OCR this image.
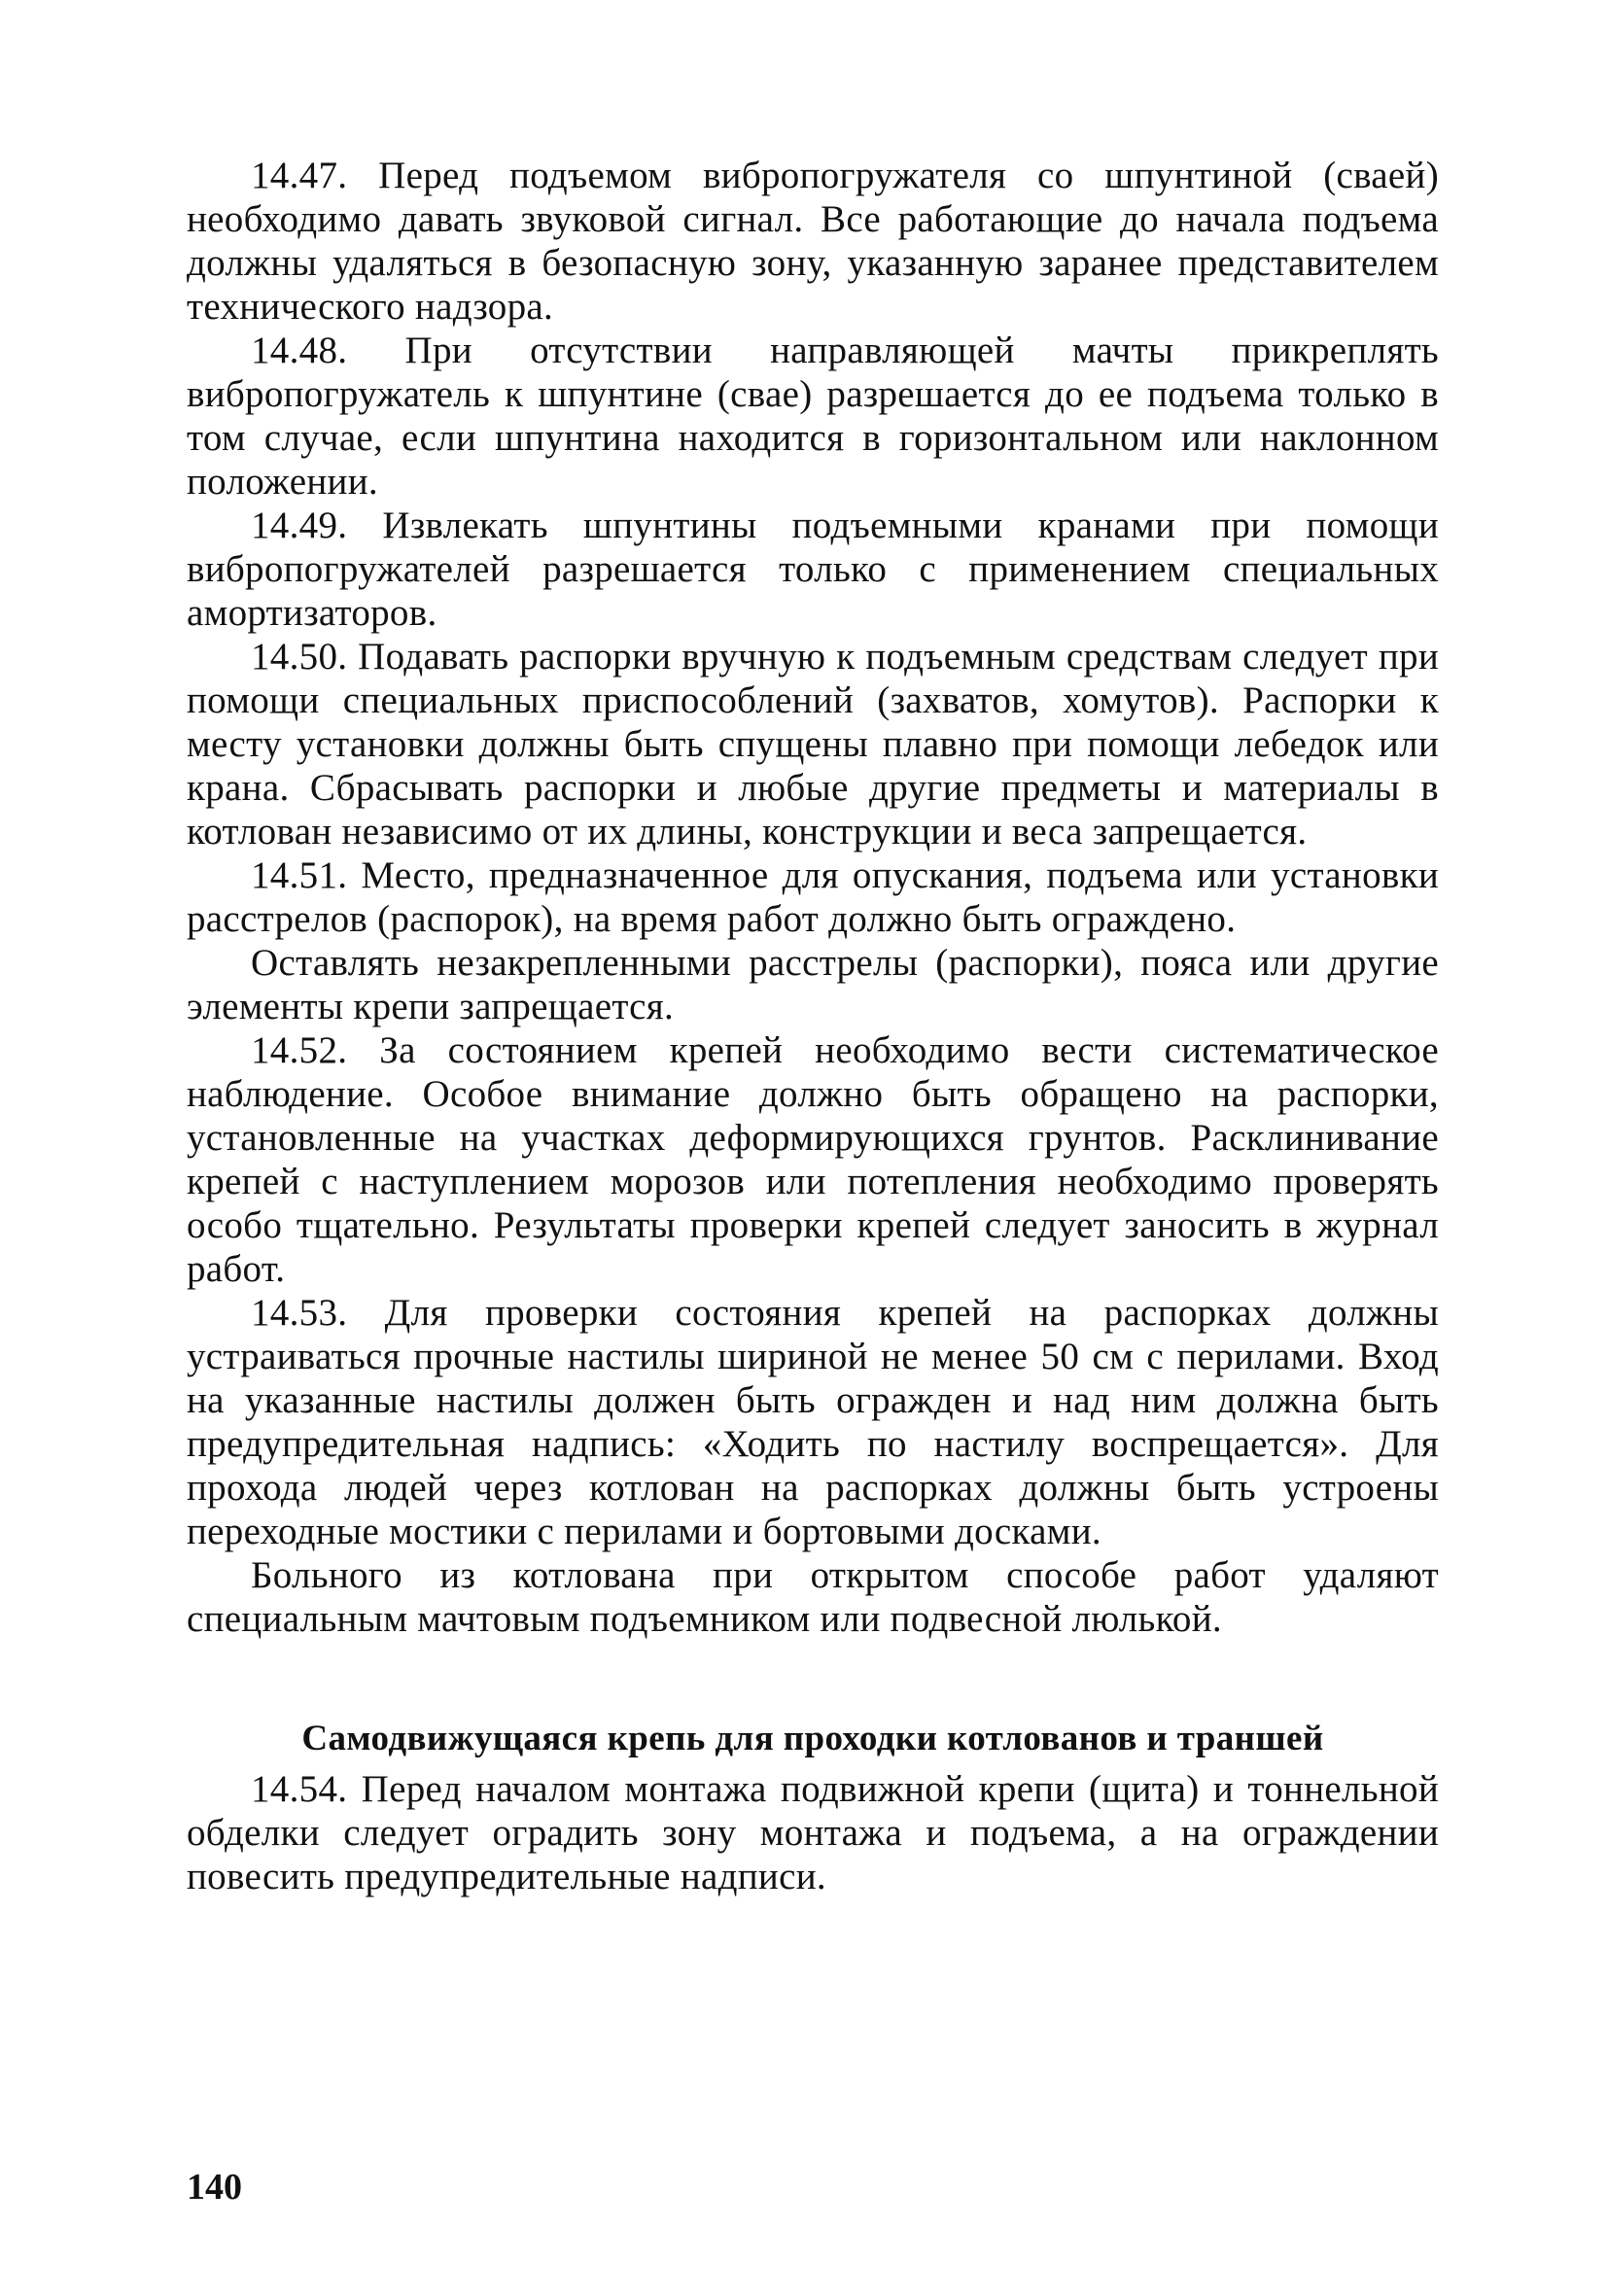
14.47. Перед подъемом вибропогружателя со шпунтиной (сваей) необходимо давать звуковой сигнал. Все работающие до начала подъема должны удаляться в безопасную зону, указанную заранее представителем технического надзора.

14.48. При отсутствии направляющей мачты прикреплять вибропогружатель к шпунтине (свае) разрешается до ее подъема только в том случае, если шпунтина находится в горизонтальном или наклонном положении.

14.49. Извлекать шпунтины подъемными кранами при помощи вибропогружателей разрешается только с применением специальных амортизаторов.

14.50. Подавать распорки вручную к подъемным средствам следует при помощи специальных приспособлений (захватов, хомутов). Распорки к месту установки должны быть спущены плавно при помощи лебедок или крана. Сбрасывать распорки и любые другие предметы и материалы в котлован независимо от их длины, конструкции и веса запрещается.

14.51. Место, предназначенное для опускания, подъема или установки расстрелов (распорок), на время работ должно быть ограждено.

Оставлять незакрепленными расстрелы (распорки), пояса или другие элементы крепи запрещается.

14.52. За состоянием крепей необходимо вести систематическое наблюдение. Особое внимание должно быть обращено на распорки, установленные на участках деформирующихся грунтов. Расклинивание крепей с наступлением морозов или потепления необходимо проверять особо тщательно. Результаты проверки крепей следует заносить в журнал работ.

14.53. Для проверки состояния крепей на распорках должны устраиваться прочные настилы шириной не менее 50 см с перилами. Вход на указанные настилы должен быть огражден и над ним должна быть предупредительная надпись: «Ходить по настилу воспрещается». Для прохода людей через котлован на распорках должны быть устроены переходные мостики с перилами и бортовыми досками.

Больного из котлована при открытом способе работ удаляют специальным мачтовым подъемником или подвесной люлькой.

Самодвижущаяся крепь для проходки котлованов и траншей

14.54. Перед началом монтажа подвижной крепи (щита) и тоннельной обделки следует оградить зону монтажа и подъема, а на ограждении повесить предупредительные надписи.

140
